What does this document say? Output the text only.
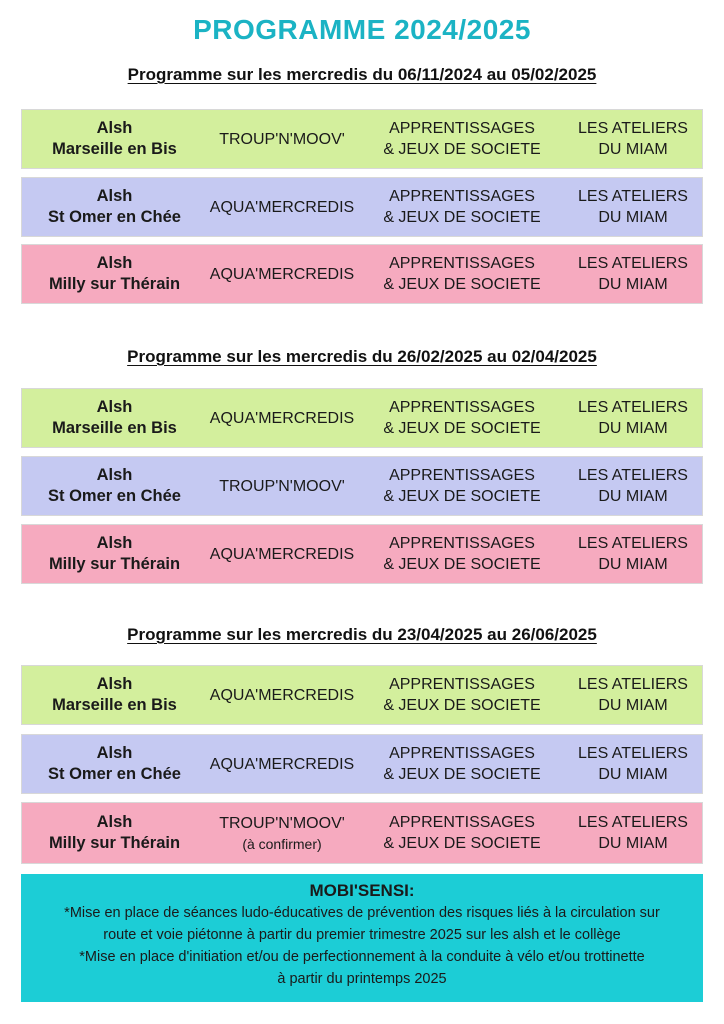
PROGRAMME 2024/2025
Programme sur les mercredis du 06/11/2024 au 05/02/2025
Alsh
Marseille en Bis
TROUP'N'MOOV'
APPRENTISSAGES
& JEUX DE SOCIETE
LES ATELIERS
DU MIAM
Alsh
St Omer en Chée
AQUA'MERCREDIS
APPRENTISSAGES
& JEUX DE SOCIETE
LES ATELIERS
DU MIAM
Alsh
Milly sur Thérain
AQUA'MERCREDIS
APPRENTISSAGES
& JEUX DE SOCIETE
LES ATELIERS
DU MIAM
Programme sur les mercredis du 26/02/2025 au 02/04/2025
Alsh
Marseille en Bis
AQUA'MERCREDIS
APPRENTISSAGES
& JEUX DE SOCIETE
LES ATELIERS
DU MIAM
Alsh
St Omer en Chée
TROUP'N'MOOV'
APPRENTISSAGES
& JEUX DE SOCIETE
LES ATELIERS
DU MIAM
Alsh
Milly sur Thérain
AQUA'MERCREDIS
APPRENTISSAGES
& JEUX DE SOCIETE
LES ATELIERS
DU MIAM
Programme sur les mercredis du 23/04/2025 au 26/06/2025
Alsh
Marseille en Bis
AQUA'MERCREDIS
APPRENTISSAGES
& JEUX DE SOCIETE
LES ATELIERS
DU MIAM
Alsh
St Omer en Chée
AQUA'MERCREDIS
APPRENTISSAGES
& JEUX DE SOCIETE
LES ATELIERS
DU MIAM
Alsh
Milly sur Thérain
TROUP'N'MOOV'
(à confirmer)
APPRENTISSAGES
& JEUX DE SOCIETE
LES ATELIERS
DU MIAM
MOBI'SENSI:
*Mise en place de séances ludo-éducatives de prévention des risques liés à la circulation sur
route et voie piétonne à partir du premier trimestre 2025 sur les alsh et le collège
*Mise en place d'initiation et/ou de perfectionnement à la conduite à vélo et/ou trottinette
à partir du printemps 2025
